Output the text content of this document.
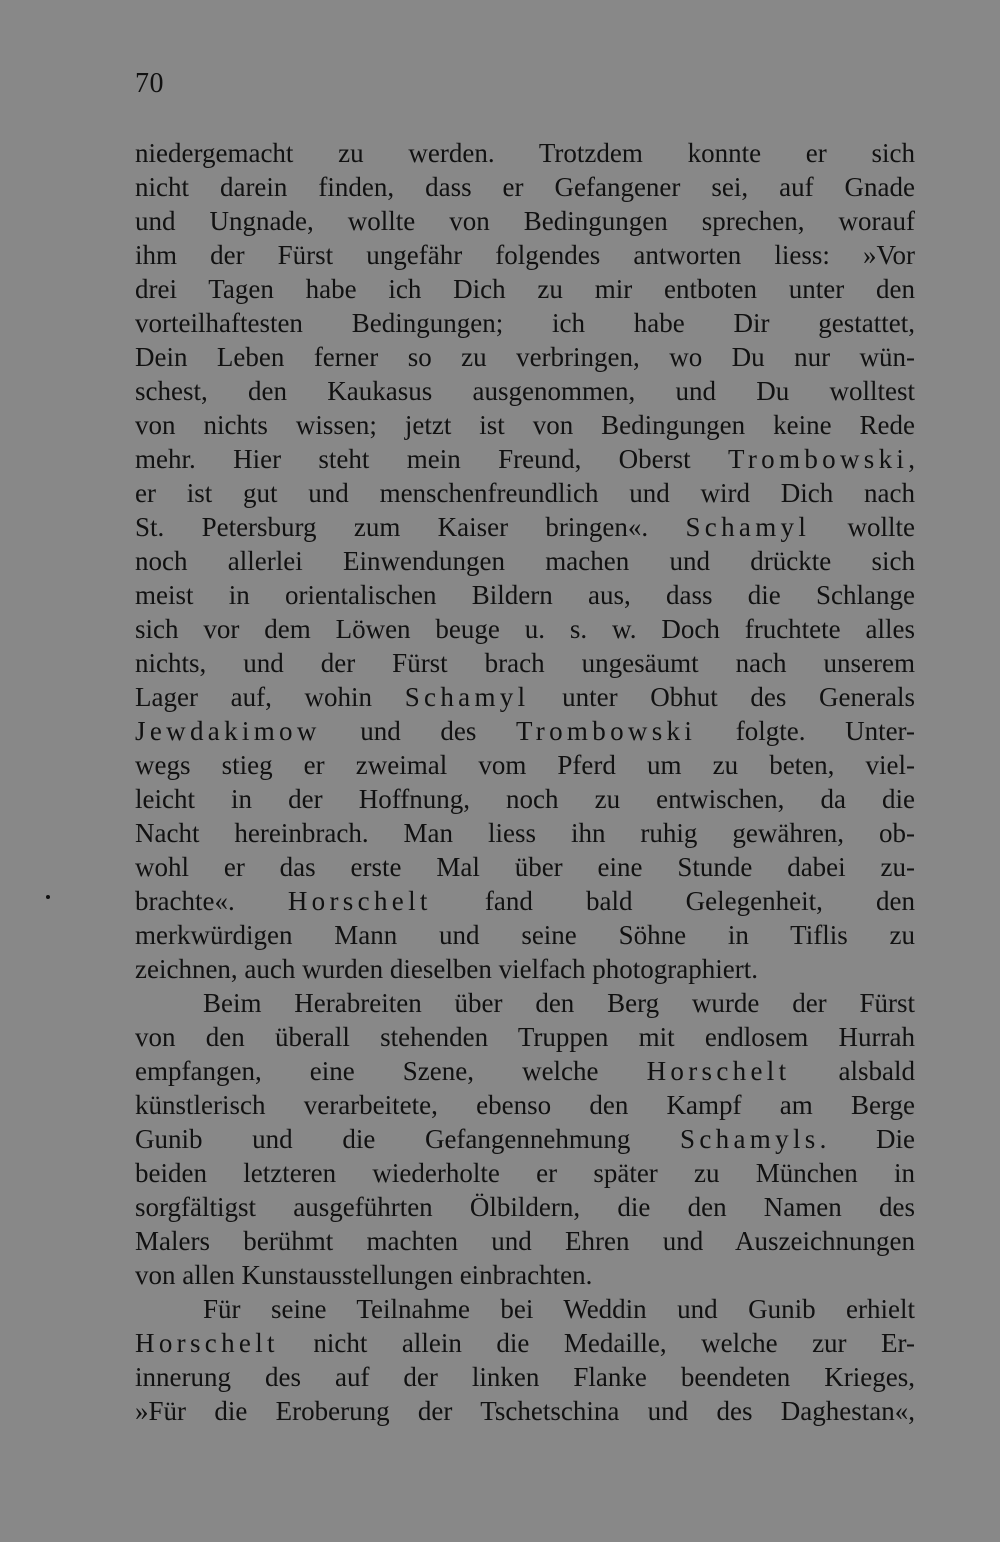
70
niedergemacht zu werden. Trotzdem konnte er sich
nicht darein finden, dass er Gefangener sei, auf Gnade
und Ungnade, wollte von Bedingungen sprechen, worauf
ihm der Fürst ungefähr folgendes antworten liess: »Vor
drei Tagen habe ich Dich zu mir entboten unter den
vorteilhaftesten Bedingungen; ich habe Dir gestattet,
Dein Leben ferner so zu verbringen, wo Du nur wün-
schest, den Kaukasus ausgenommen, und Du wolltest
von nichts wissen; jetzt ist von Bedingungen keine Rede
mehr. Hier steht mein Freund, Oberst Trombowski,
er ist gut und menschenfreundlich und wird Dich nach
St. Petersburg zum Kaiser bringen«. Schamyl wollte
noch allerlei Einwendungen machen und drückte sich
meist in orientalischen Bildern aus, dass die Schlange
sich vor dem Löwen beuge u. s. w. Doch fruchtete alles
nichts, und der Fürst brach ungesäumt nach unserem
Lager auf, wohin Schamyl unter Obhut des Generals
Jewdakimow und des Trombowski folgte. Unter-
wegs stieg er zweimal vom Pferd um zu beten, viel-
leicht in der Hoffnung, noch zu entwischen, da die
Nacht hereinbrach. Man liess ihn ruhig gewähren, ob-
wohl er das erste Mal über eine Stunde dabei zu-
brachte«. Horschelt fand bald Gelegenheit, den
merkwürdigen Mann und seine Söhne in Tiflis zu
zeichnen, auch wurden dieselben vielfach photographiert.
Beim Herabreiten über den Berg wurde der Fürst
von den überall stehenden Truppen mit endlosem Hurrah
empfangen, eine Szene, welche Horschelt alsbald
künstlerisch verarbeitete, ebenso den Kampf am Berge
Gunib und die Gefangennehmung Schamyls. Die
beiden letzteren wiederholte er später zu München in
sorgfältigst ausgeführten Ölbildern, die den Namen des
Malers berühmt machten und Ehren und Auszeichnungen
von allen Kunstausstellungen einbrachten.
Für seine Teilnahme bei Weddin und Gunib erhielt
Horschelt nicht allein die Medaille, welche zur Er-
innerung des auf der linken Flanke beendeten Krieges,
»Für die Eroberung der Tschetschina und des Daghestan«,
